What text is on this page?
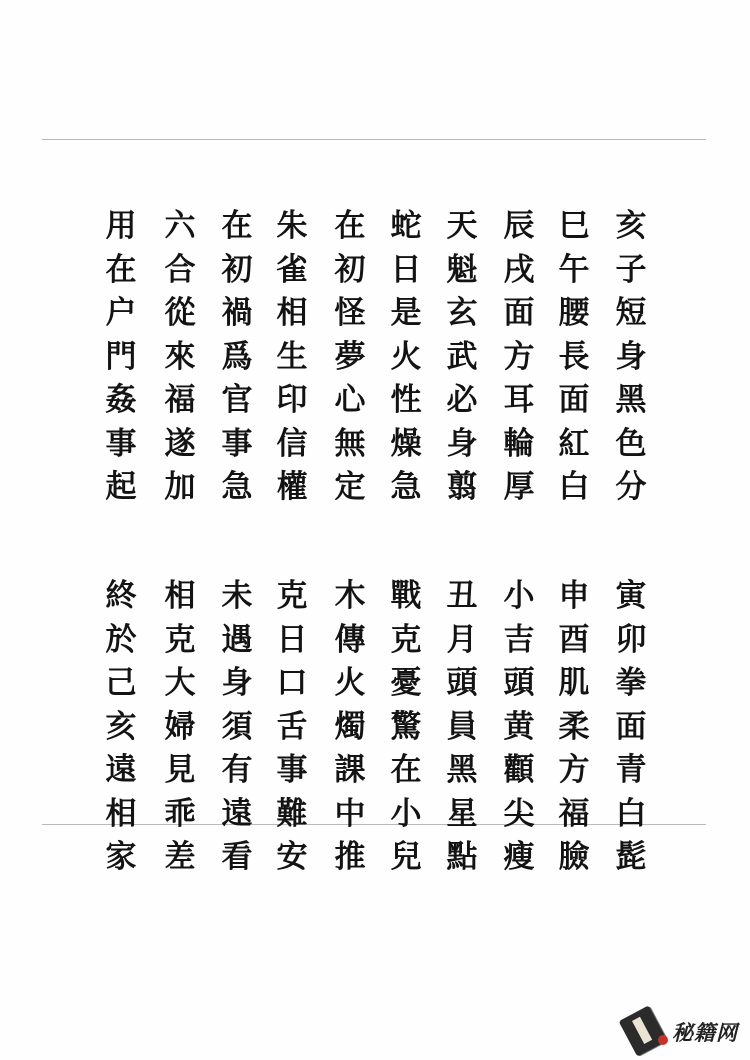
亥
子
短
身
黑
色
分
巳
午
腰
長
面
紅
白
辰
戌
面
方
耳
輪
厚
天
魁
玄
武
必
身
翦
蛇
日
是
火
性
燥
急
在
初
怪
夢
心
無
定
朱
雀
相
生
印
信
權
在
初
禍
爲
官
事
急
六
合
從
來
福
遂
加
用
在
户
門
姦
事
起
寅
卯
拳
面
青
白
髭
申
酉
肌
柔
方
福
臉
小
吉
頭
黄
顴
尖
瘦
丑
月
頭
員
黑
星
點
戰
克
憂
驚
在
小
兒
木
傳
火
燭
課
中
推
克
日
口
舌
事
難
安
未
遇
身
須
有
遠
看
相
克
大
婦
見
乖
差
終
於
己
亥
遠
相
家
秘籍网
